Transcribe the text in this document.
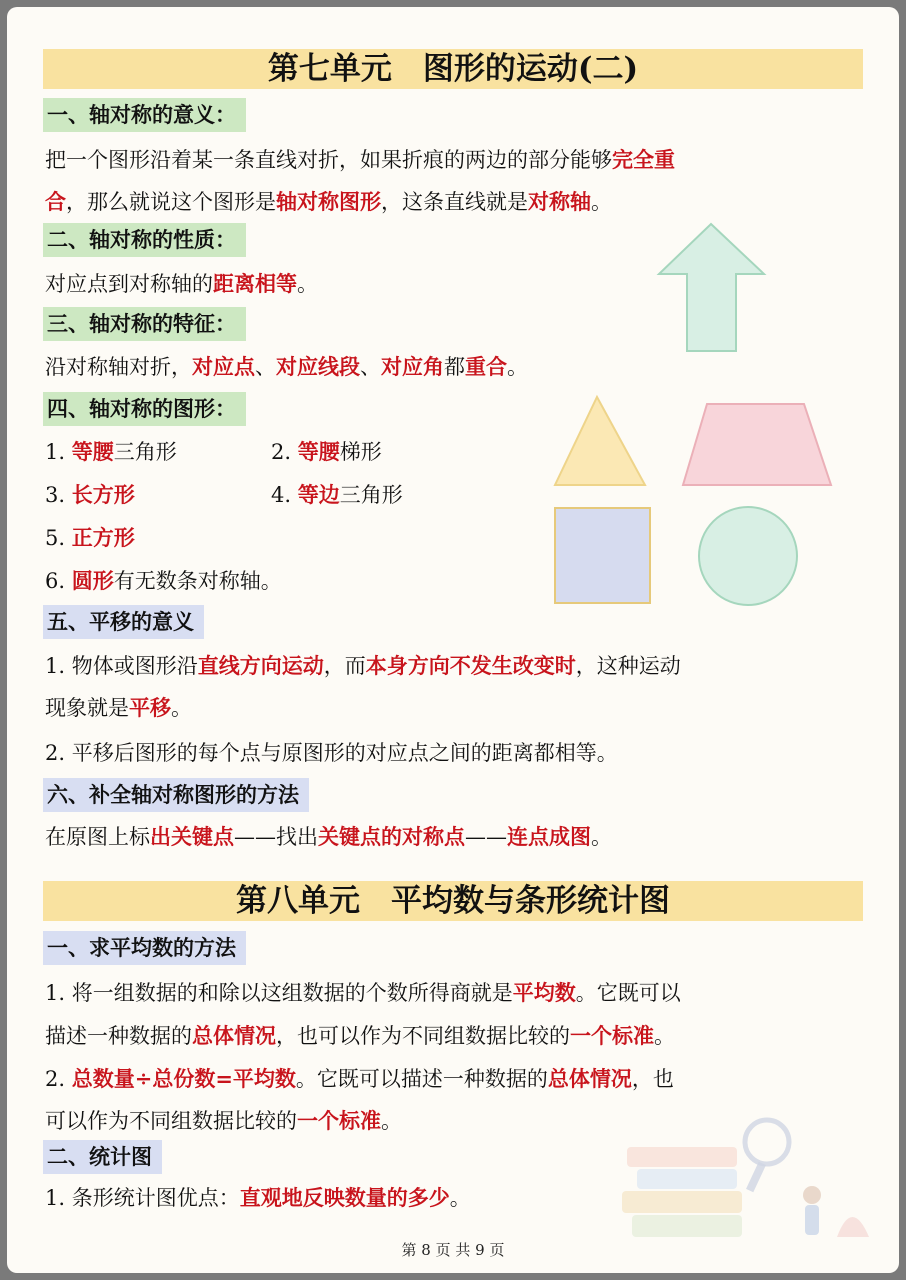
第七单元　图形的运动(二)
一、轴对称的意义：
把一个图形沿着某一条直线对折，如果折痕的两边的部分能够完全重
合，那么就说这个图形是轴对称图形，这条直线就是对称轴。
二、轴对称的性质：
对应点到对称轴的距离相等。
三、轴对称的特征：
沿对称轴对折，对应点、对应线段、对应角都重合。
四、轴对称的图形：
1. 等腰三角形	2. 等腰梯形
3. 长方形	4. 等边三角形
5. 正方形
6. 圆形有无数条对称轴。
五、平移的意义
1. 物体或图形沿直线方向运动，而本身方向不发生改变时，这种运动
现象就是平移。
2. 平移后图形的每个点与原图形的对应点之间的距离都相等。
六、补全轴对称图形的方法
在原图上标出关键点——找出关键点的对称点——连点成图。
第八单元　平均数与条形统计图
一、求平均数的方法
1. 将一组数据的和除以这组数据的个数所得商就是平均数。它既可以
描述一种数据的总体情况，也可以作为不同组数据比较的一个标准。
2. 总数量÷总份数=平均数。它既可以描述一种数据的总体情况，也
可以作为不同组数据比较的一个标准。
二、统计图
1. 条形统计图优点：直观地反映数量的多少。
第 8 页 共 9 页
